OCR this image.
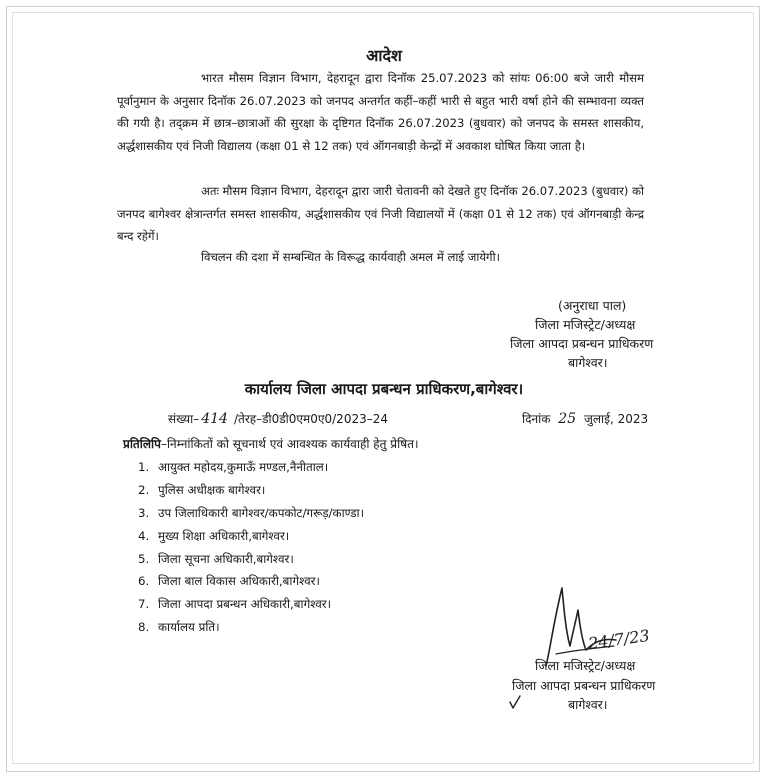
आदेश
भारत मौसम विज्ञान विभाग, देहरादून द्वारा दिनॉक 25.07.2023 को सांयः 06:00 बजे जारी मौसम पूर्वानुमान के अनुसार दिनॉक 26.07.2023 को जनपद अन्तर्गत कहीं–कहीं भारी से बहुत भारी वर्षा होने की सम्भावना व्यक्त की गयी है। तद्क्रम में छात्र–छात्राओं की सुरक्षा के दृष्टिगत दिनॉक 26.07.2023 (बुधवार) को जनपद के समस्त शासकीय, अर्द्धशासकीय एवं निजी विद्यालय (कक्षा 01 से 12 तक) एवं ऑगनबाड़ी केन्द्रों में अवकाश घोषित किया जाता है।
अतः मौसम विज्ञान विभाग, देहरादून द्वारा जारी चेतावनी को देखते हुए दिनॉक 26.07.2023 (बुधवार) को जनपद बागेश्वर क्षेत्रान्तर्गत समस्त शासकीय, अर्द्धशासकीय एवं निजी विद्यालयों में (कक्षा 01 से 12 तक) एवं ऑगनबाड़ी केन्द्र बन्द रहेगें।
विचलन की दशा में सम्बन्धित के विरूद्ध कार्यवाही अमल में लाई जायेगी।
(अनुराधा पाल)
जिला मजिस्ट्रेट/अध्यक्ष
जिला आपदा प्रबन्धन प्राधिकरण
बागेश्वर।
कार्यालय जिला आपदा प्रबन्धन प्राधिकरण,बागेश्वर।
संख्या– 414 /तेरह–डी0डी0एम0ए0/2023–24	दिनांक 25 जुलाई, 2023
प्रतिलिपि–निम्नांकितों को सूचनार्थ एवं आवश्यक कार्यवाही हेतु प्रेषित।
1. आयुक्त महोदय,कुमाऊँ मण्डल,नैनीताल।
2. पुलिस अधीक्षक बागेश्वर।
3. उप जिलाधिकारी बागेश्वर/कपकोट/गरूड़/काण्डा।
4. मुख्य शिक्षा अधिकारी,बागेश्वर।
5. जिला सूचना अधिकारी,बागेश्वर।
6. जिला बाल विकास अधिकारी,बागेश्वर।
7. जिला आपदा प्रबन्धन अधिकारी,बागेश्वर।
8. कार्यालय प्रति।	24/7/23
जिला मजिस्ट्रेट/अध्यक्ष
जिला आपदा प्रबन्धन प्राधिकरण
बागेश्वर।
